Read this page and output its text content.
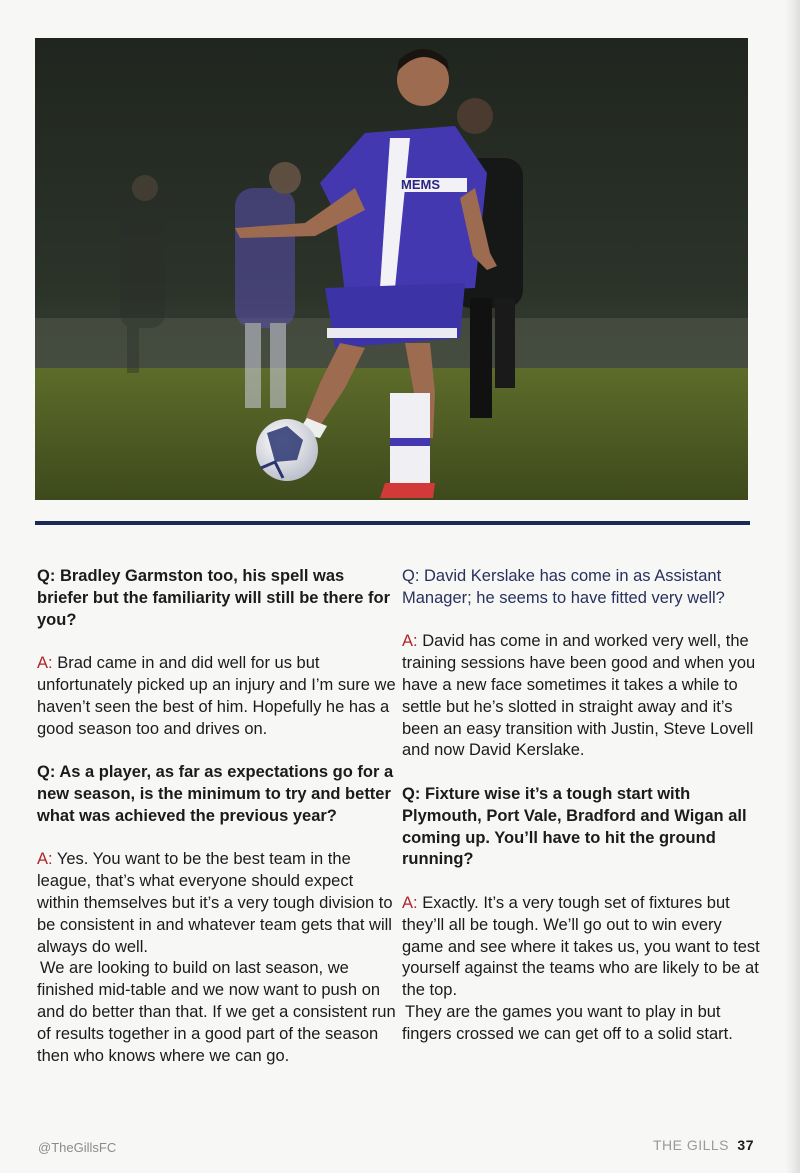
MEMS

Q: Bradley Garmston too, his spell was briefer but the familiarity will still be there for you?

A: Brad came in and did well for us but unfortunately picked up an injury and I’m sure we haven’t seen the best of him. Hopefully he has a good season too and drives on.

Q: As a player, as far as expectations go for a new season, is the minimum to try and better what was achieved the previous year?

A: Yes. You want to be the best team in the league, that’s what everyone should expect within themselves but it’s a very tough division to be consistent in and whatever team gets that will always do well.

We are looking to build on last season, we finished mid-table and we now want to push on and do better than that. If we get a consistent run of results together in a good part of the season then who knows where we can go.

Q: David Kerslake has come in as Assistant Manager; he seems to have fitted very well?

A: David has come in and worked very well, the training sessions have been good and when you have a new face sometimes it takes a while to settle but he’s slotted in straight away and it’s been an easy transition with Justin, Steve Lovell and now David Kerslake.

Q: Fixture wise it’s a tough start with Plymouth, Port Vale, Bradford and Wigan all coming up. You’ll have to hit the ground running?

A: Exactly. It’s a very tough set of fixtures but they’ll all be tough. We’ll go out to win every game and see where it takes us, you want to test yourself against the teams who are likely to be at the top.

They are the games you want to play in but fingers crossed we can get off to a solid start.

@TheGillsFC	THE GILLS 37
